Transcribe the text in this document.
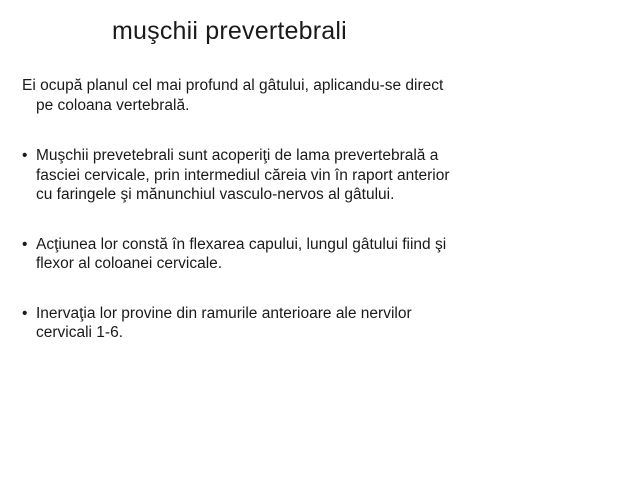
muşchii prevertebrali

Ei ocupă planul cel mai profund al gâtului, aplicandu-se direct
pe coloana vertebrală.

• Muşchii prevetebrali sunt acoperiţi de lama prevertebrală a
fasciei cervicale, prin intermediul căreia vin în raport anterior
cu faringele şi mănunchiul vasculo-nervos al gâtului.
• Acţiunea lor constă în flexarea capului, lungul gâtului fiind şi
flexor al coloanei cervicale.
• Inervaţia lor provine din ramurile anterioare ale nervilor
cervicali 1-6.
